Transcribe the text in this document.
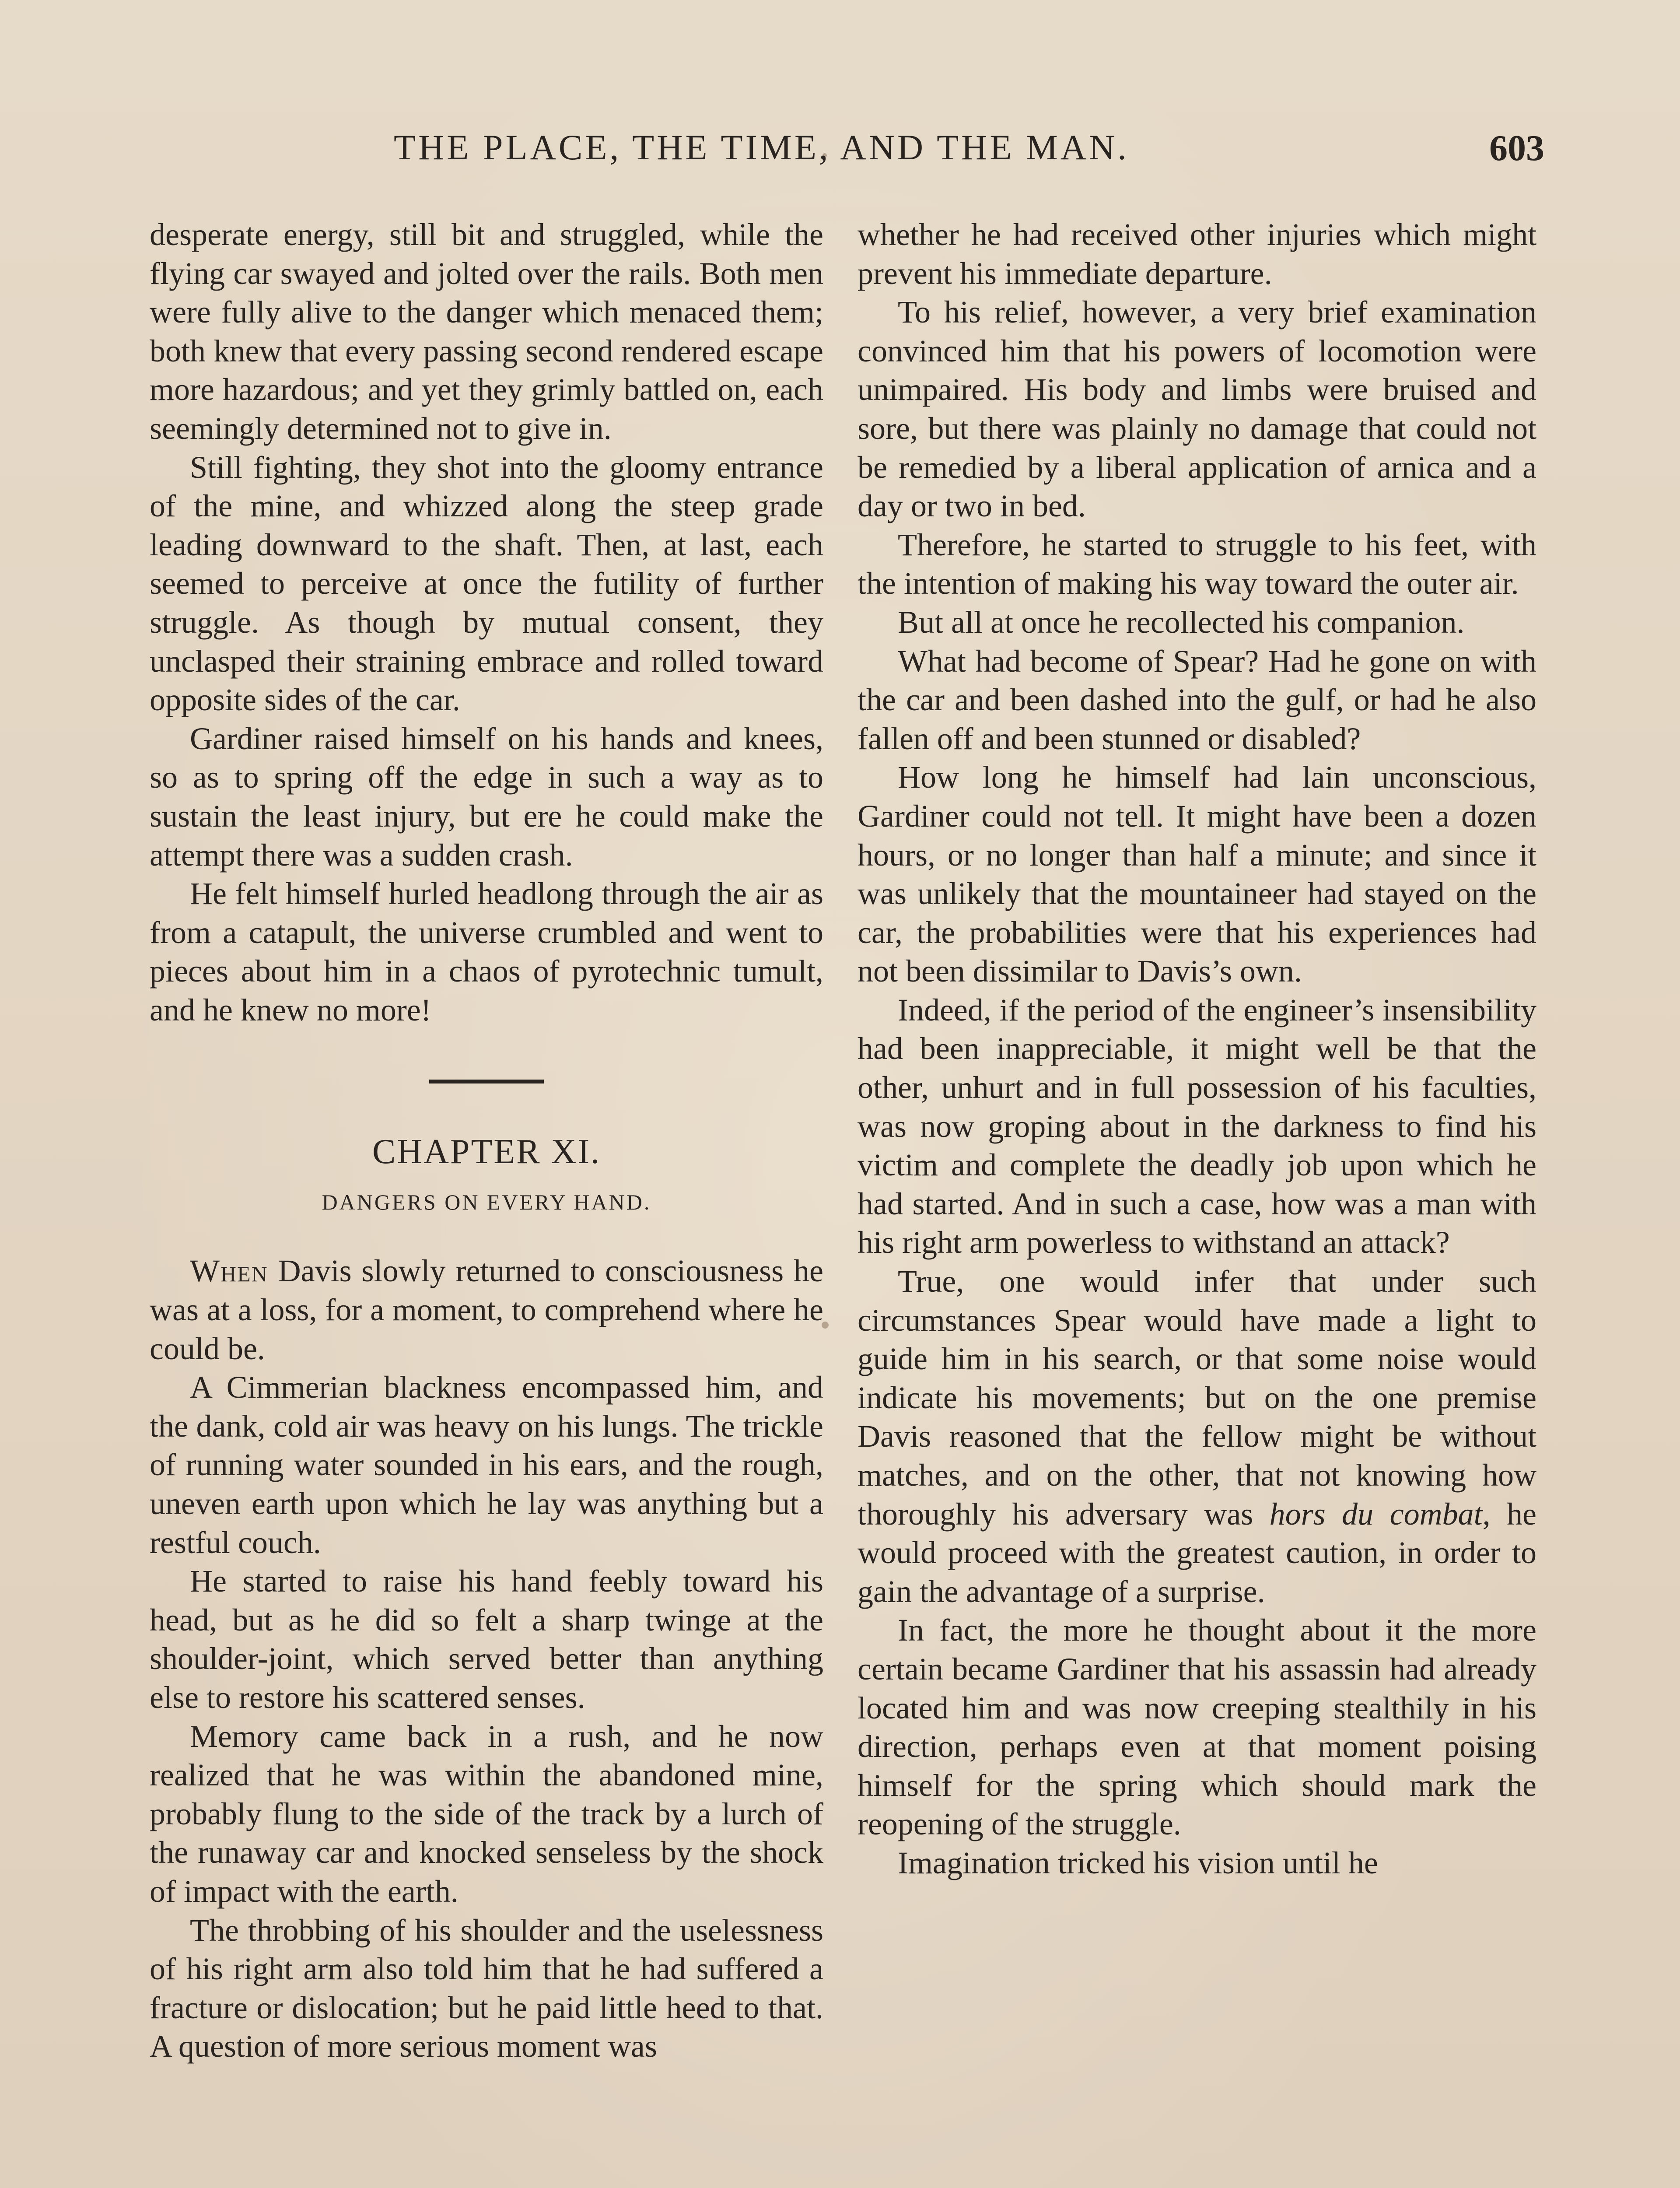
THE PLACE, THE TIME, AND THE MAN.	603

desperate energy, still bit and struggled, while the flying car swayed and jolted over the rails. Both men were fully alive to the danger which menaced them; both knew that every passing second rendered escape more hazardous; and yet they grimly battled on, each seemingly determined not to give in.

Still fighting, they shot into the gloomy entrance of the mine, and whizzed along the steep grade leading downward to the shaft. Then, at last, each seemed to perceive at once the futility of further struggle. As though by mutual consent, they unclasped their straining embrace and rolled toward opposite sides of the car.

Gardiner raised himself on his hands and knees, so as to spring off the edge in such a way as to sustain the least injury, but ere he could make the attempt there was a sudden crash.

He felt himself hurled headlong through the air as from a catapult, the universe crumbled and went to pieces about him in a chaos of pyrotechnic tumult, and he knew no more!

CHAPTER XI.
DANGERS ON EVERY HAND.

When Davis slowly returned to consciousness he was at a loss, for a moment, to comprehend where he could be.

A Cimmerian blackness encompassed him, and the dank, cold air was heavy on his lungs. The trickle of running water sounded in his ears, and the rough, uneven earth upon which he lay was anything but a restful couch.

He started to raise his hand feebly toward his head, but as he did so felt a sharp twinge at the shoulder-joint, which served better than anything else to restore his scattered senses.

Memory came back in a rush, and he now realized that he was within the abandoned mine, probably flung to the side of the track by a lurch of the runaway car and knocked senseless by the shock of impact with the earth.

The throbbing of his shoulder and the uselessness of his right arm also told him that he had suffered a fracture or dislocation; but he paid little heed to that. A question of more serious moment was

whether he had received other injuries which might prevent his immediate departure.

To his relief, however, a very brief examination convinced him that his powers of locomotion were unimpaired. His body and limbs were bruised and sore, but there was plainly no damage that could not be remedied by a liberal application of arnica and a day or two in bed.

Therefore, he started to struggle to his feet, with the intention of making his way toward the outer air.

But all at once he recollected his companion.

What had become of Spear? Had he gone on with the car and been dashed into the gulf, or had he also fallen off and been stunned or disabled?

How long he himself had lain unconscious, Gardiner could not tell. It might have been a dozen hours, or no longer than half a minute; and since it was unlikely that the mountaineer had stayed on the car, the probabilities were that his experiences had not been dissimilar to Davis’s own.

Indeed, if the period of the engineer’s insensibility had been inappreciable, it might well be that the other, unhurt and in full possession of his faculties, was now groping about in the darkness to find his victim and complete the deadly job upon which he had started. And in such a case, how was a man with his right arm powerless to withstand an attack?

True, one would infer that under such circumstances Spear would have made a light to guide him in his search, or that some noise would indicate his movements; but on the one premise Davis reasoned that the fellow might be without matches, and on the other, that not knowing how thoroughly his adversary was hors du combat, he would proceed with the greatest caution, in order to gain the advantage of a surprise.

In fact, the more he thought about it the more certain became Gardiner that his assassin had already located him and was now creeping stealthily in his direction, perhaps even at that moment poising himself for the spring which should mark the reopening of the struggle.

Imagination tricked his vision until he
